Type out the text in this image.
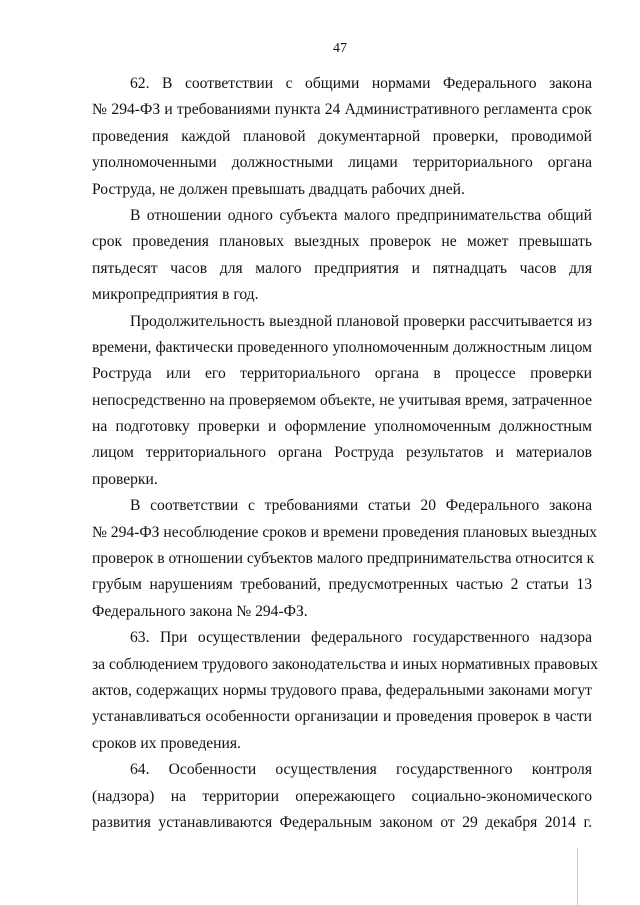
47
62. В соответствии с общими нормами Федерального закона
№ 294-ФЗ и требованиями пункта 24 Административного регламента срок
проведения каждой плановой документарной проверки, проводимой
уполномоченными должностными лицами территориального органа
Роструда, не должен превышать двадцать рабочих дней.
В отношении одного субъекта малого предпринимательства общий
срок проведения плановых выездных проверок не может превышать
пятьдесят часов для малого предприятия и пятнадцать часов для
микропредприятия в год.
Продолжительность выездной плановой проверки рассчитывается из
времени, фактически проведенного уполномоченным должностным лицом
Роструда или его территориального органа в процессе проверки
непосредственно на проверяемом объекте, не учитывая время, затраченное
на подготовку проверки и оформление уполномоченным должностным
лицом территориального органа Роструда результатов и материалов
проверки.
В соответствии с требованиями статьи 20 Федерального закона
№ 294-ФЗ несоблюдение сроков и времени проведения плановых выездных
проверок в отношении субъектов малого предпринимательства относится к
грубым нарушениям требований, предусмотренных частью 2 статьи 13
Федерального закона № 294-ФЗ.
63. При осуществлении федерального государственного надзора
за соблюдением трудового законодательства и иных нормативных правовых
актов, содержащих нормы трудового права, федеральными законами могут
устанавливаться особенности организации и проведения проверок в части
сроков их проведения.
64. Особенности осуществления государственного контроля
(надзора) на территории опережающего социально-экономического
развития устанавливаются Федеральным законом от 29 декабря 2014 г.
